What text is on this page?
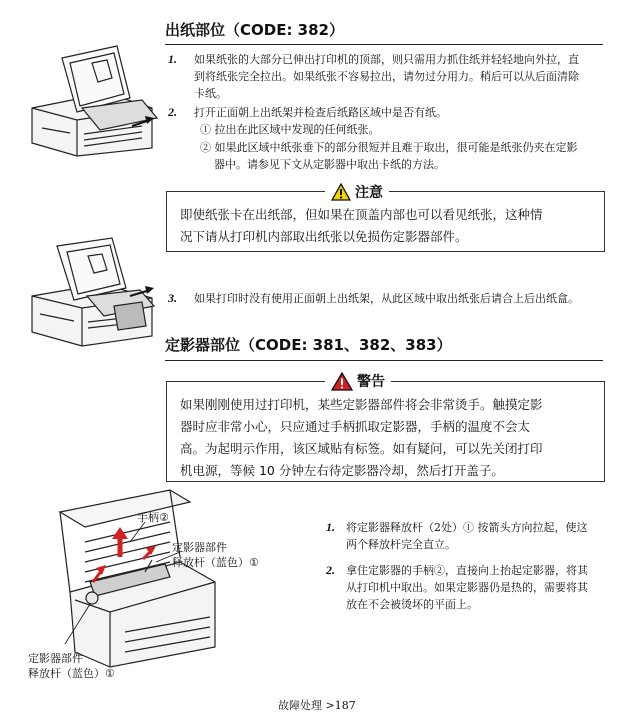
出纸部位（CODE: 382）
1. 如果纸张的大部分已伸出打印机的顶部，则只需用力抓住纸并轻轻地向外拉，直
到将纸张完全拉出。如果纸张不容易拉出，请勿过分用力。稍后可以从后面清除
卡纸。
2. 打开正面朝上出纸架并检查后纸路区域中是否有纸。
① 拉出在此区域中发现的任何纸张。
② 如果此区域中纸张垂下的部分很短并且难于取出，很可能是纸张仍夹在定影
器中。请参见下文从定影器中取出卡纸的方法。
注意
即使纸张卡在出纸部，但如果在顶盖内部也可以看见纸张，这种情
况下请从打印机内部取出纸张以免损伤定影器部件。
3. 如果打印时没有使用正面朝上出纸架，从此区域中取出纸张后请合上后出纸盒。
定影器部位（CODE: 381、382、383）
警告
如果刚刚使用过打印机，某些定影器部件将会非常烫手。触摸定影
器时应非常小心，只应通过手柄抓取定影器，手柄的温度不会太
高。为起明示作用，该区域贴有标签。如有疑问，可以先关闭打印
机电源，等候 10 分钟左右待定影器冷却，然后打开盖子。
手柄②
定影器部件
释放杆（蓝色）①
定影器部件
释放杆（蓝色）①
1. 将定影器释放杆（2处）① 按箭头方向拉起，使这
两个释放杆完全直立。
2. 拿住定影器的手柄②，直接向上抬起定影器，将其
从打印机中取出。如果定影器仍是热的，需要将其
放在不会被烫坏的平面上。
故障处理 >187
